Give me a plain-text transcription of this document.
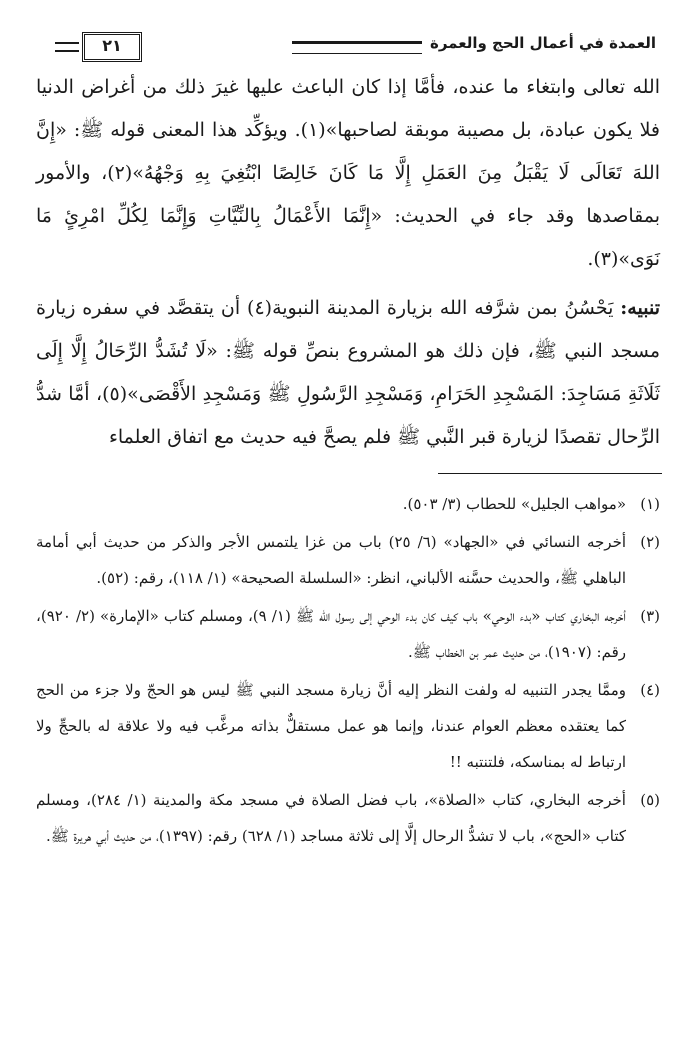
العمدة في أعمال الحج والعمرة
٢١

الله تعالى وابتغاء ما عنده، فأمَّا إذا كان الباعث عليها غيرَ ذلك من أغراض الدنيا فلا يكون عبادة، بل مصيبة موبقة لصاحبها»(١). ويؤكِّد هذا المعنى قوله ﷺ: «إِنَّ اللهَ تَعَالَى لَا يَقْبَلُ مِنَ العَمَلِ إِلَّا مَا كَانَ خَالِصًا ابْتُغِيَ بِهِ وَجْهُهُ»(٢)، والأمور بمقاصدها وقد جاء في الحديث: «إِنَّمَا الأَعْمَالُ بِالنِّيَّاتِ وَإِنَّمَا لِكُلِّ امْرِئٍ مَا نَوَى»(٣).

تنبيه: يَحْسُنُ بمن شرَّفه الله بزيارة المدينة النبوية(٤) أن يتقصَّد في سفره زيارة مسجد النبي ﷺ، فإن ذلك هو المشروع بنصِّ قوله ﷺ: «لَا تُشَدُّ الرِّحَالُ إِلَّا إِلَى ثَلَاثَةِ مَسَاجِدَ: المَسْجِدِ الحَرَامِ، وَمَسْجِدِ الرَّسُولِ ﷺ وَمَسْجِدِ الأَقْصَى»(٥)، أمَّا شدُّ الرِّحال تقصدًا لزيارة قبر النَّبي ﷺ فلم يصحَّ فيه حديث مع اتفاق العلماء

(١)
«مواهب الجليل» للحطاب (٣/ ٥٠٣).
(٢)
أخرجه النسائي في «الجهاد» (٦/ ٢٥) باب من غزا يلتمس الأجر والذكر من حديث أبي أمامة الباهلي ﷺ، والحديث حسَّنه الألباني، انظر: «السلسلة الصحيحة» (١/ ١١٨)، رقم: (٥٢).
(٣)
أخرجه البخاري كتاب «بدء الوحي» باب كيف كان بدء الوحي إلى رسول الله ﷺ (١/ ٩)، ومسلم كتاب «الإمارة» (٢/ ٩٢٠)، رقم: (١٩٠٧)، من حديث عمر بن الخطاب ﷺ.
(٤)
وممَّا يجدر التنبيه له ولفت النظر إليه أنَّ زيارة مسجد النبي ﷺ ليس هو الحجّ ولا جزء من الحج كما يعتقده معظم العوام عندنا، وإنما هو عمل مستقلٌّ بذاته مرغَّب فيه ولا علاقة له بالحجِّ ولا ارتباط له بمناسكه، فلتنتبه !!
(٥)
أخرجه البخاري، كتاب «الصلاة»، باب فضل الصلاة في مسجد مكة والمدينة (١/ ٢٨٤)، ومسلم كتاب «الحج»، باب لا تشدُّ الرحال إلَّا إلى ثلاثة مساجد (١/ ٦٢٨) رقم: (١٣٩٧)، من حديث أبي هريرة ﷺ.
